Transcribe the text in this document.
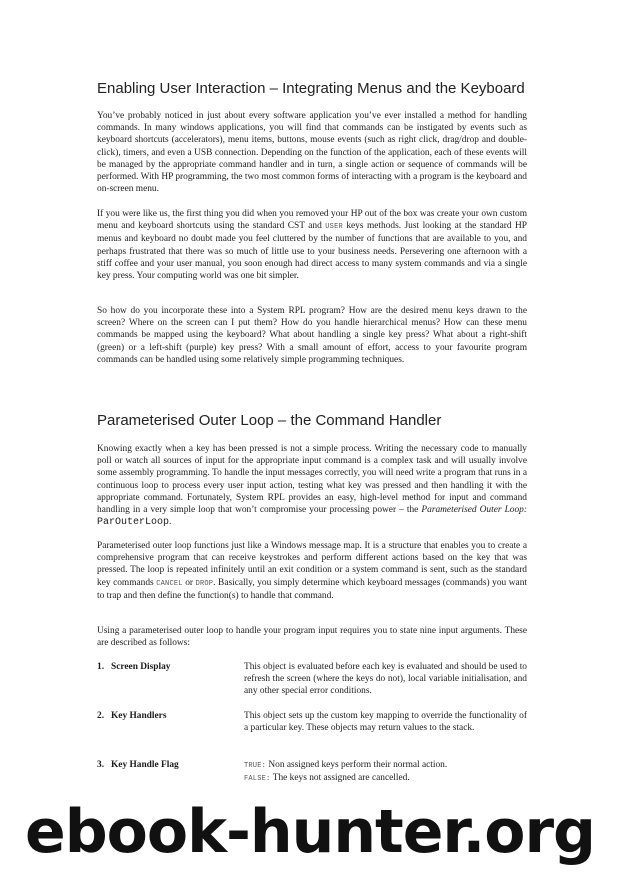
Enabling User Interaction – Integrating Menus and the Keyboard

You’ve probably noticed in just about every software application you’ve ever installed a method for handling commands. In many windows applications, you will find that commands can be instigated by events such as keyboard shortcuts (accelerators), menu items, buttons, mouse events (such as right click, drag/drop and double-click), timers, and even a USB connection. Depending on the function of the application, each of these events will be managed by the appropriate command handler and in turn, a single action or sequence of commands will be performed. With HP programming, the two most common forms of interacting with a program is the keyboard and on-screen menu.

If you were like us, the first thing you did when you removed your HP out of the box was create your own custom menu and keyboard shortcuts using the standard CST and USER keys methods. Just looking at the standard HP menus and keyboard no doubt made you feel cluttered by the number of functions that are available to you, and perhaps frustrated that there was so much of little use to your business needs. Persevering one afternoon with a stiff coffee and your user manual, you soon enough had direct access to many system commands and via a single key press. Your computing world was one bit simpler.

So how do you incorporate these into a System RPL program? How are the desired menu keys drawn to the screen? Where on the screen can I put them? How do you handle hierarchical menus? How can these menu commands be mapped using the keyboard? What about handling a single key press? What about a right-shift (green) or a left-shift (purple) key press? With a small amount of effort, access to your favourite program commands can be handled using some relatively simple programming techniques.

Parameterised Outer Loop – the Command Handler

Knowing exactly when a key has been pressed is not a simple process. Writing the necessary code to manually poll or watch all sources of input for the appropriate input command is a complex task and will usually involve some assembly programming. To handle the input messages correctly, you will need write a program that runs in a continuous loop to process every user input action, testing what key was pressed and then handling it with the appropriate command. Fortunately, System RPL provides an easy, high-level method for input and command handling in a very simple loop that won’t compromise your processing power – the Parameterised Outer Loop: ParOuterLoop.

Parameterised outer loop functions just like a Windows message map. It is a structure that enables you to create a comprehensive program that can receive keystrokes and perform different actions based on the key that was pressed. The loop is repeated infinitely until an exit condition or a system command is sent, such as the standard key commands CANCEL or DROP. Basically, you simply determine which keyboard messages (commands) you want to trap and then define the function(s) to handle that command.

Using a parameterised outer loop to handle your program input requires you to state nine input arguments. These are described as follows:

1. Screen Display	This object is evaluated before each key is evaluated and should be used to refresh the screen (where the keys do not), local variable initialisation, and any other special error conditions.
2. Key Handlers	This object sets up the custom key mapping to override the functionality of a particular key. These objects may return values to the stack.
3. Key Handle Flag	TRUE: Non assigned keys perform their normal action.
FALSE: The keys not assigned are cancelled.
ebook-hunter.org
